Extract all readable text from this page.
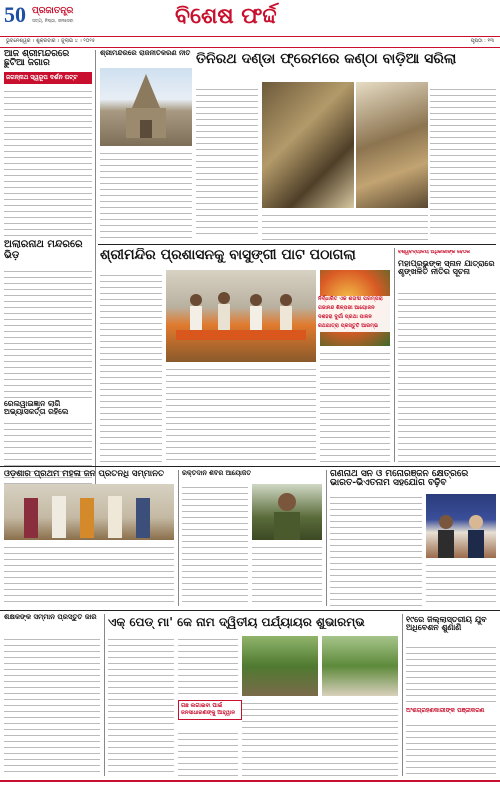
50 ପ୍ରଜାତନ୍ତ୍ର
ସତ୍ୟ, ନିଷ୍ଠା, ଜନସେବା	ବିଶେଷ ଫର୍ଦ୍ଦ
ଭୁବନେଶ୍ୱର । ଶୁକ୍ରବାର । ଜୁଲାଇ ୪ । ୨୦୨୫	ପୃଷ୍ଠା : ୧୩
ଆଜି ଶ୍ରୀମନ୍ଦିରରେ ଛୁଟିଆ ଜଗାର
ଜଗନ୍ନାଥ ସ୍ୱରୂପ ଦର୍ଶନ ପଟ୍ଟ
ଅଲାରନାଥ ମନ୍ଦିରରେ ଭିଡ଼
ରେଲୱାଇଜ୍ଞାନ ଲାଗି ଅଭ୍ୟାସକର୍ତ୍ତା ରହିଲେ
ଶ୍ରୀମନ୍ଦିରରେ ରାଜନୀତିକରଣ ନୀତି ତିନିରଥ ଦଣ୍ଡା ଫ୍ରେମରେ କଣ୍ଠା ବାଡ଼ିଆ ସରିଲା
ଶ୍ରୀମନ୍ଦିର ପ୍ରଶାସନକୁ ବାସୁଙ୍ଗୀ ପାଟ ପଠାଗଲା
ନିର୍ଦ୍ଧାରିତ ଏକ ଶତାବ୍ଦୀ ପରମ୍ପରା
ଗଜାନନ୍ଦ ଶିଳ୍ପରୀ ଆୟୋଜନ
ଦଶହରା ଦୁର୍ଗା ପ୍ରଥା ପାଳନ
ରଥଯାତ୍ରା ପ୍ରସ୍ତୁତି ଆରମ୍ଭ
ବିଶ୍ୱବିଦ୍ୟାଳୟ ଅଧିକାରୀଙ୍କ ବୈଠକ
ମହାପ୍ରଭୁଙ୍କ ସ୍ନାନ ଯାତ୍ରାରେ ଶୃଙ୍ଖଳିତ ନୀତିର ସୂଚନା
ଓଡ଼ିଶାର ପ୍ରଥମ ମହିଳା ଜନ ପ୍ରତିନିଧି ସମ୍ମାନିତ	ରକ୍ତଦାନ ଶିବିର ଆୟୋଜିତ	ଗଣନାଥ ସନ ଓ ମନୋରଞ୍ଜନ କ୍ଷେତ୍ରରେ ଭାରତ-ଭିଏତନାମ ସହଯୋଗ ବଢ଼ିବ
ଶିକ୍ଷକଙ୍କ ସମ୍ମାନ ପ୍ରସ୍ତୁତି ଜାରି ଏକ୍ ପେଡ୍ ମା' କେ ନାମ ଦ୍ୱିତୀୟ ପର୍ଯ୍ୟାୟର ଶୁଭାରମ୍ଭ
ଗଛ ଲଗାଇବା ପାଇଁ ଜନସାଧାରଣଙ୍କୁ ଆହ୍ୱାନ
୧୯ରେ ଜିଲ୍ଲାସ୍ତରୀୟ ଯୁବ ଅଧିବେଶନ ଶୁଣାଣି
ଅଂଶଗ୍ରହଣକାରୀଙ୍କ ପଞ୍ଜୀକରଣ
